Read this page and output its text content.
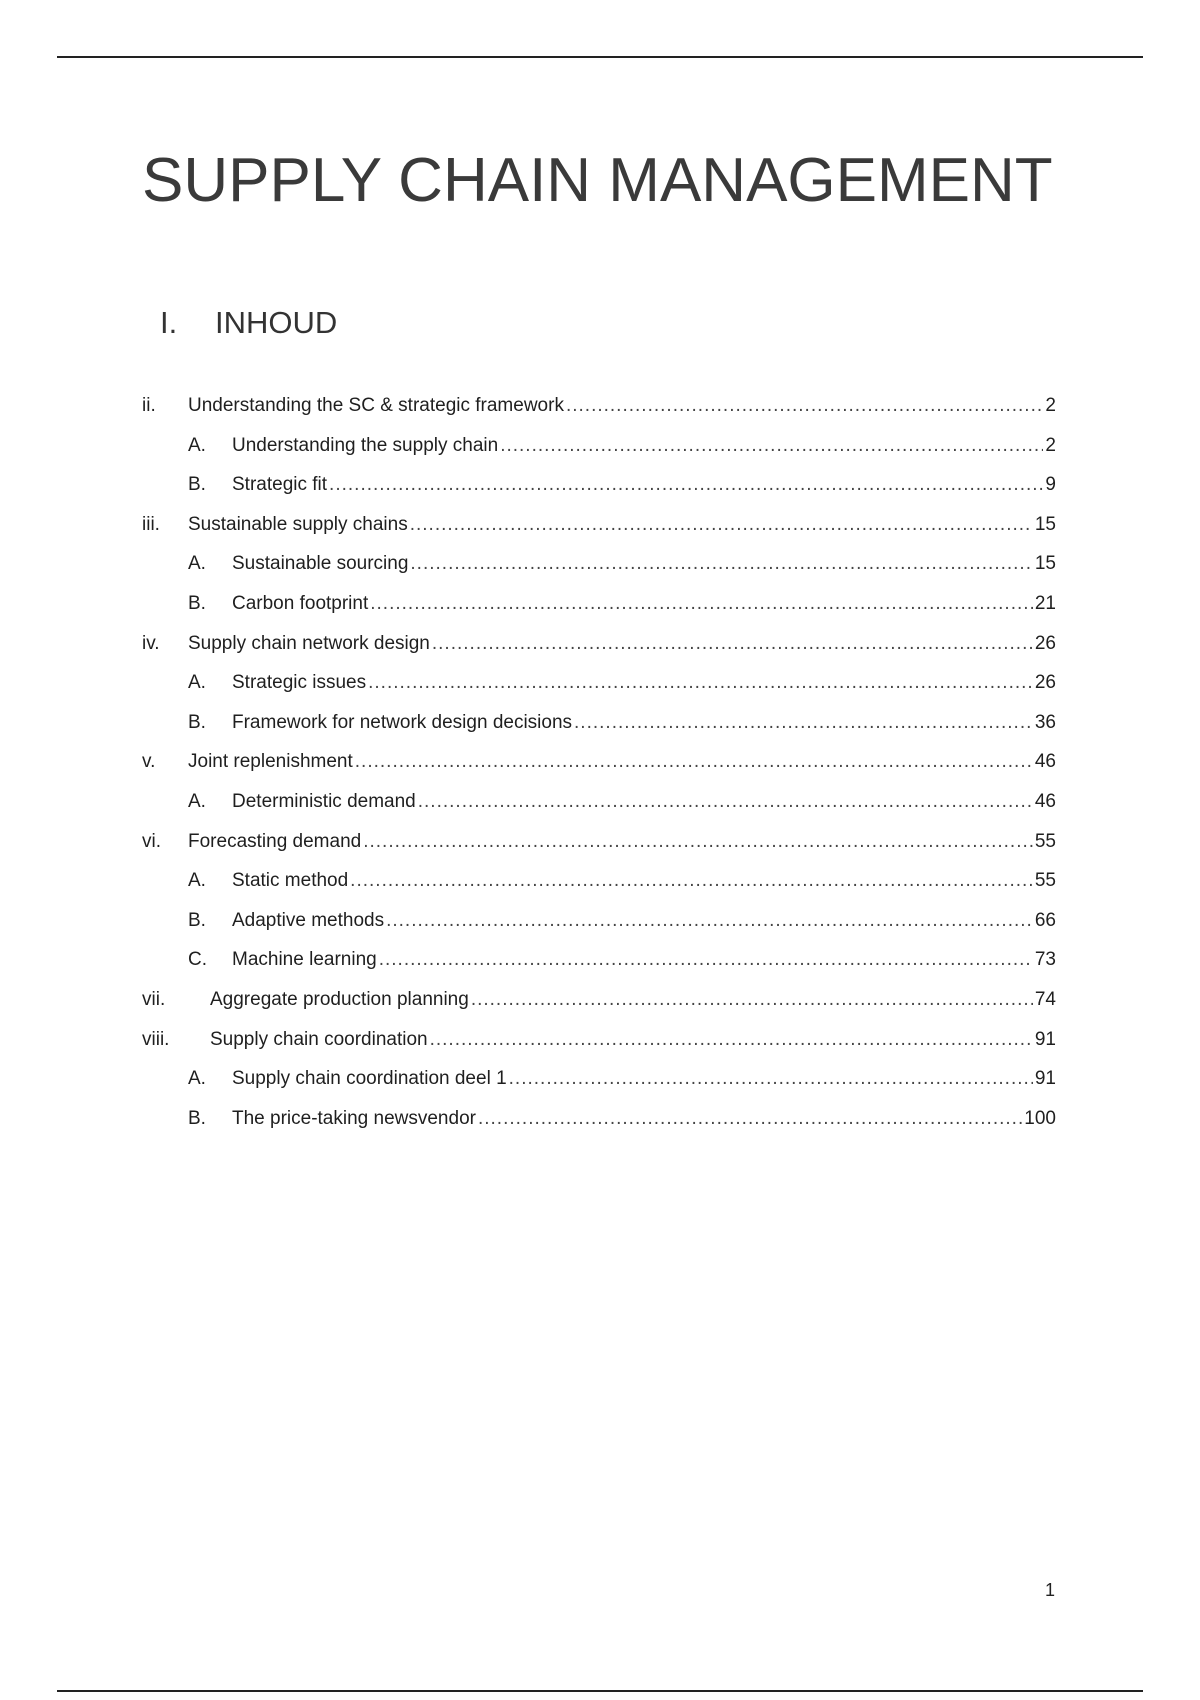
SUPPLY CHAIN MANAGEMENT
I. INHOUD
ii.	Understanding the SC & strategic framework .....	2
A.	Understanding the supply chain .....	2
B.	Strategic fit .....	9
iii.	Sustainable supply chains .....	15
A.	Sustainable sourcing .....	15
B.	Carbon footprint .....	21
iv.	Supply chain network design .....	26
A.	Strategic issues .....	26
B.	Framework for network design decisions .....	36
v.	Joint replenishment .....	46
A.	Deterministic demand .....	46
vi.	Forecasting demand .....	55
A.	Static method .....	55
B.	Adaptive methods .....	66
C.	Machine learning .....	73
vii.	Aggregate production planning .....	74
viii.	Supply chain coordination .....	91
A.	Supply chain coordination deel 1 .....	91
B.	The price-taking newsvendor .....	100
1
